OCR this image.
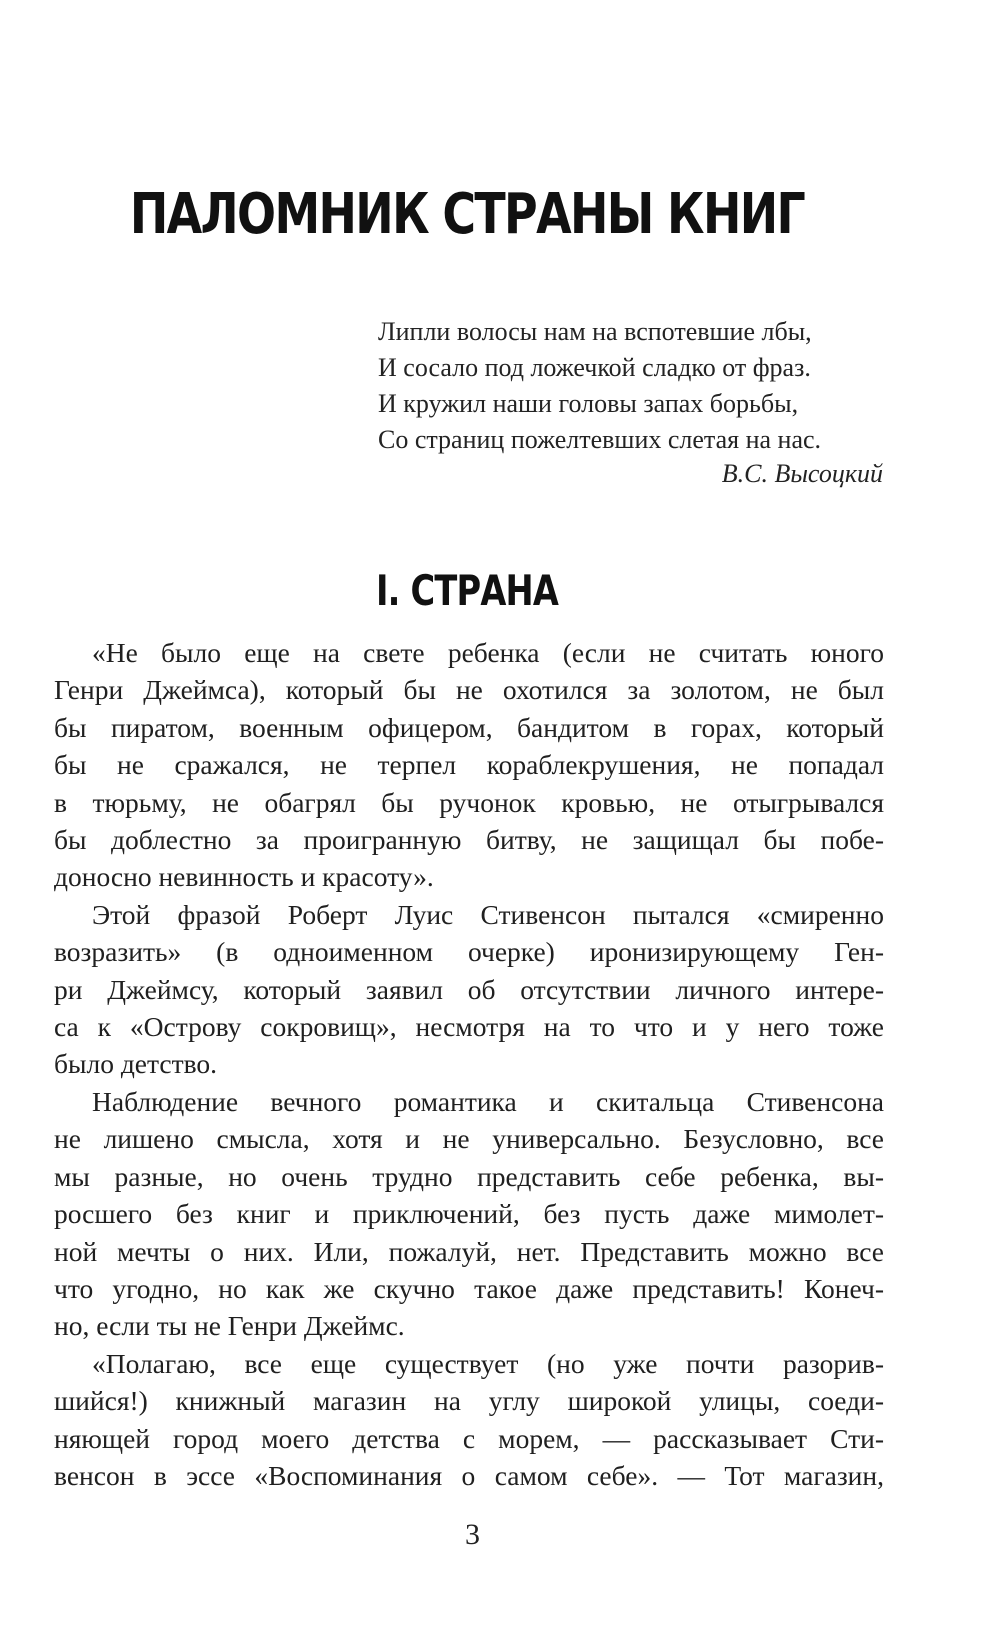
ПАЛОМНИК СТРАНЫ КНИГ
Липли волосы нам на вспотевшие лбы,
И сосало под ложечкой сладко от фраз.
И кружил наши головы запах борьбы,
Со страниц пожелтевших слетая на нас.
В.С. Высоцкий
I. СТРАНА
«Не было еще на свете ребенка (если не считать юного
Генри Джеймса), который бы не охотился за золотом, не был
бы пиратом, военным офицером, бандитом в горах, который
бы не сражался, не терпел кораблекрушения, не попадал
в тюрьму, не обагрял бы ручонок кровью, не отыгрывался
бы доблестно за проигранную битву, не защищал бы побе-
доносно невинность и красоту».
Этой фразой Роберт Луис Стивенсон пытался «смиренно
возразить» (в одноименном очерке) иронизирующему Ген-
ри Джеймсу, который заявил об отсутствии личного интере-
са к «Острову сокровищ», несмотря на то что и у него тоже
было детство.
Наблюдение вечного романтика и скитальца Стивенсона
не лишено смысла, хотя и не универсально. Безусловно, все
мы разные, но очень трудно представить себе ребенка, вы-
росшего без книг и приключений, без пусть даже мимолет-
ной мечты о них. Или, пожалуй, нет. Представить можно все
что угодно, но как же скучно такое даже представить! Конеч-
но, если ты не Генри Джеймс.
«Полагаю, все еще существует (но уже почти разорив-
шийся!) книжный магазин на углу широкой улицы, соеди-
няющей город моего детства с морем, — рассказывает Сти-
венсон в эссе «Воспоминания о самом себе». — Тот магазин,
3
